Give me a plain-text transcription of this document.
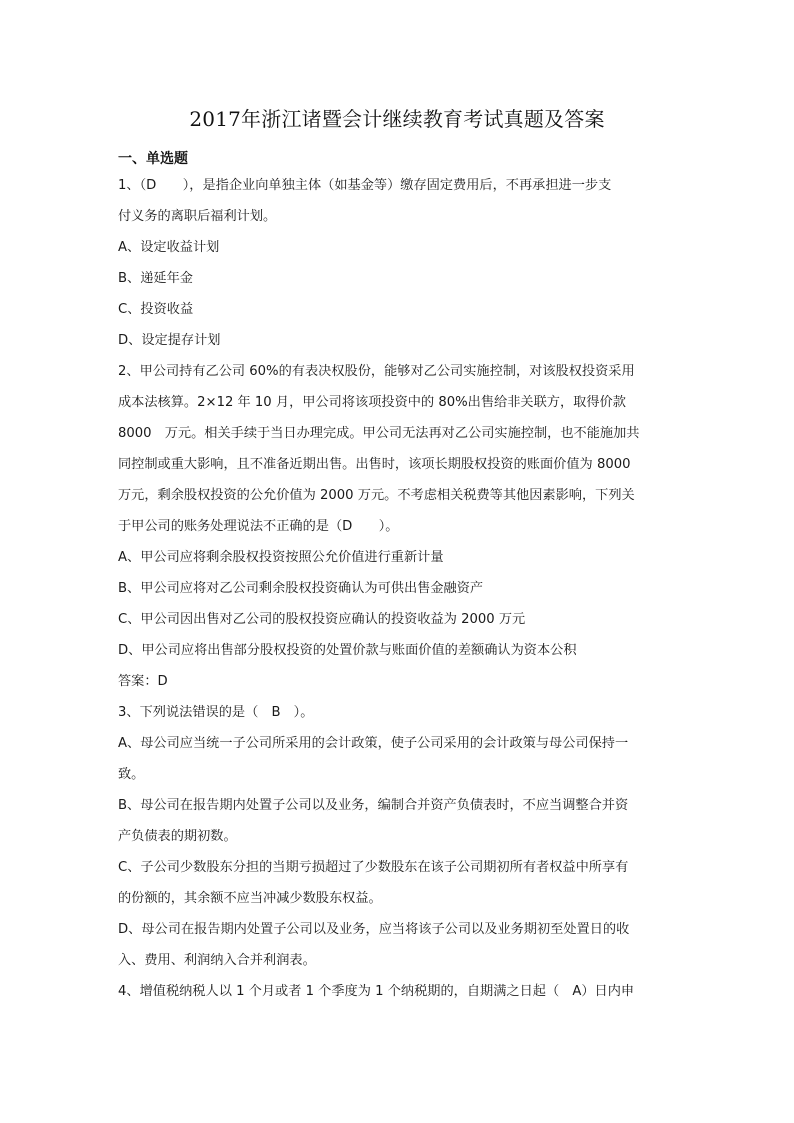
2017年浙江诸暨会计继续教育考试真题及答案
一、单选题
1、（D　　），是指企业向单独主体（如基金等）缴存固定费用后，不再承担进一步支
付义务的离职后福利计划。
A、设定收益计划
B、递延年金
C、投资收益
D、设定提存计划
2、甲公司持有乙公司 60%的有表决权股份，能够对乙公司实施控制，对该股权投资采用
成本法核算。2×12 年 10 月，甲公司将该项投资中的 80%出售给非关联方，取得价款
8000　万元。相关手续于当日办理完成。甲公司无法再对乙公司实施控制，也不能施加共
同控制或重大影响，且不准备近期出售。出售时，该项长期股权投资的账面价值为 8000
万元，剩余股权投资的公允价值为 2000 万元。不考虑相关税费等其他因素影响，下列关
于甲公司的账务处理说法不正确的是（D　　）。
A、甲公司应将剩余股权投资按照公允价值进行重新计量
B、甲公司应将对乙公司剩余股权投资确认为可供出售金融资产
C、甲公司因出售对乙公司的股权投资应确认的投资收益为 2000 万元
D、甲公司应将出售部分股权投资的处置价款与账面价值的差额确认为资本公积
答案：D
3、下列说法错误的是（　B　）。
A、母公司应当统一子公司所采用的会计政策，使子公司采用的会计政策与母公司保持一
致。
B、母公司在报告期内处置子公司以及业务，编制合并资产负债表时，不应当调整合并资
产负债表的期初数。
C、子公司少数股东分担的当期亏损超过了少数股东在该子公司期初所有者权益中所享有
的份额的，其余额不应当冲减少数股东权益。
D、母公司在报告期内处置子公司以及业务，应当将该子公司以及业务期初至处置日的收
入、费用、利润纳入合并利润表。
4、增值税纳税人以 1 个月或者 1 个季度为 1 个纳税期的，自期满之日起（　A）日内申
